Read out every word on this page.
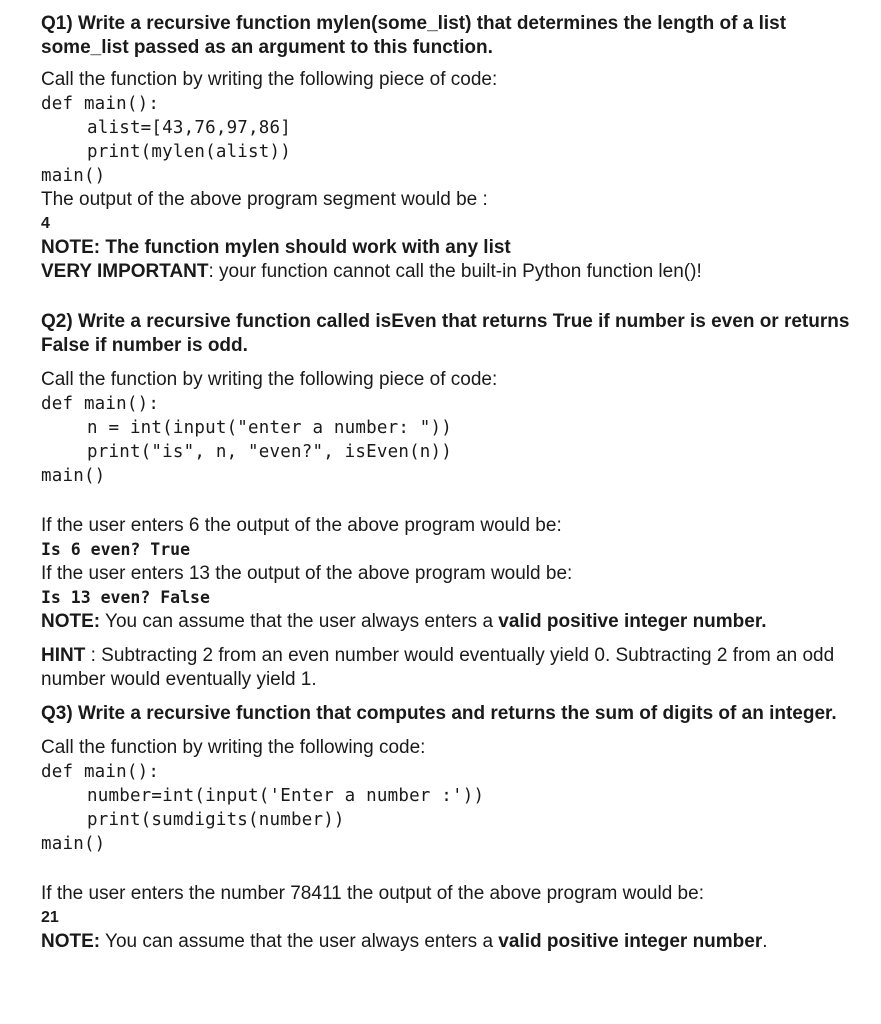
Q1) Write a recursive function mylen(some_list) that determines the length of a list some_list passed as an argument to this function.

Call the function by writing the following piece of code:

def main():

alist=[43,76,97,86]

print(mylen(alist))

main()

The output of the above program segment would be :

4

NOTE: The function mylen should work with any list

VERY IMPORTANT: your function cannot call the built-in Python function len()!

Q2) Write a recursive function called isEven that returns True if number is even or returns False if number is odd.

Call the function by writing the following piece of code:

def main():

n = int(input("enter a number: "))

print("is", n, "even?", isEven(n))

main()

If the user enters 6 the output of the above program would be:

Is 6 even? True

If the user enters 13 the output of the above program would be:

Is 13 even? False

NOTE: You can assume that the user always enters a valid positive integer number.

HINT : Subtracting 2 from an even number would eventually yield 0. Subtracting 2 from an odd number would eventually yield 1.

Q3) Write a recursive function that computes and returns the sum of digits of an integer.

Call the function by writing the following code:

def main():

number=int(input('Enter a number :'))

print(sumdigits(number))

main()

If the user enters the number 78411 the output of the above program would be:

21

NOTE: You can assume that the user always enters a valid positive integer number.
